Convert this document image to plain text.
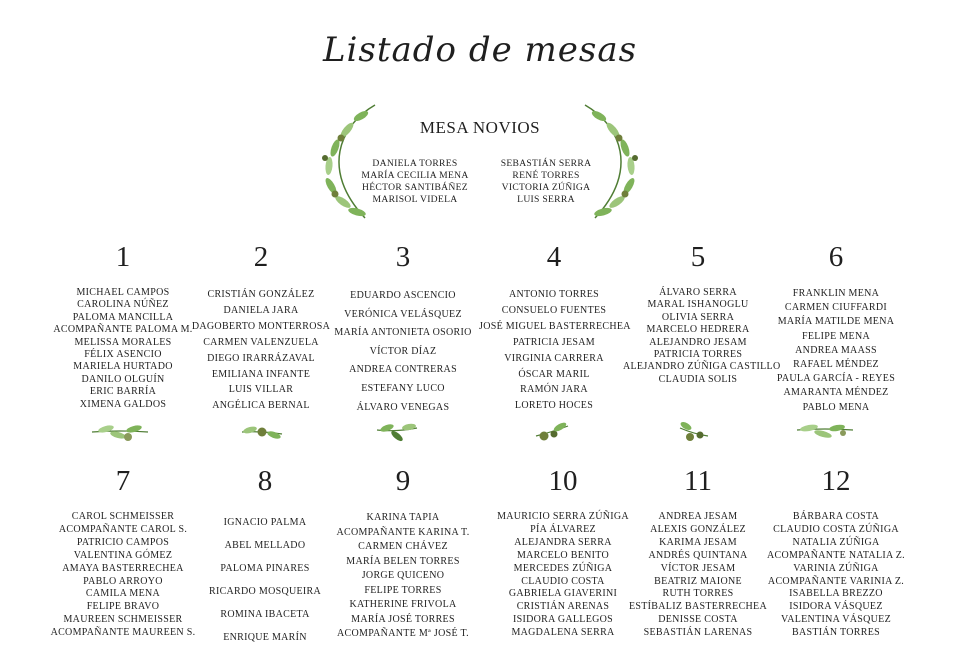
Listado de mesas
MESA NOVIOS
DANIELA TORRES
MARÍA CECILIA MENA
HÉCTOR SANTIBÁÑEZ
MARISOL VIDELA
SEBASTIÁN SERRA
RENÉ TORRES
VICTORIA ZÚÑIGA
LUIS SERRA
1
MICHAEL CAMPOS
CAROLINA NÚÑEZ
PALOMA MANCILLA
ACOMPAÑANTE PALOMA M.
MELISSA MORALES
FÉLIX ASENCIO
MARIELA HURTADO
DANILO OLGUÍN
ERIC BARRÍA
XIMENA GALDOS
2
CRISTIÁN GONZÁLEZ
DANIELA JARA
DAGOBERTO MONTERROSA
CARMEN VALENZUELA
DIEGO IRARRÁZAVAL
EMILIANA INFANTE
LUIS VILLAR
ANGÉLICA BERNAL
3
EDUARDO ASCENCIO
VERÓNICA VELÁSQUEZ
MARÍA ANTONIETA OSORIO
VÍCTOR DÍAZ
ANDREA CONTRERAS
ESTEFANY LUCO
ÁLVARO VENEGAS
4
ANTONIO TORRES
CONSUELO FUENTES
JOSÉ MIGUEL BASTERRECHEA
PATRICIA JESAM
VIRGINIA CARRERA
ÓSCAR MARIL
RAMÓN JARA
LORETO HOCES
5
ÁLVARO SERRA
MARAL ISHANOGLU
OLIVIA SERRA
MARCELO HEDRERA
ALEJANDRO JESAM
PATRICIA TORRES
ALEJANDRO ZÚÑIGA CASTILLO
CLAUDIA SOLIS
6
FRANKLIN MENA
CARMEN CIUFFARDI
MARÍA MATILDE MENA
FELIPE MENA
ANDREA MAASS
RAFAEL MÉNDEZ
PAULA GARCÍA - REYES
AMARANTA MÉNDEZ
PABLO MENA
7
CAROL SCHMEISSER
ACOMPAÑANTE CAROL S.
PATRICIO CAMPOS
VALENTINA GÓMEZ
AMAYA BASTERRECHEA
PABLO ARROYO
CAMILA MENA
FELIPE BRAVO
MAUREEN SCHMEISSER
ACOMPAÑANTE MAUREEN S.
8
IGNACIO PALMA
ABEL MELLADO
PALOMA PINARES
RICARDO MOSQUEIRA
ROMINA IBACETA
ENRIQUE MARÍN
9
KARINA TAPIA
ACOMPAÑANTE KARINA T.
CARMEN CHÁVEZ
MARÍA BELEN TORRES
JORGE QUICENO
FELIPE TORRES
KATHERINE FRIVOLA
MARÍA JOSÉ TORRES
ACOMPAÑANTE Mª JOSÉ T.
10
MAURICIO SERRA ZÚÑIGA
PÍA ÁLVAREZ
ALEJANDRA SERRA
MARCELO BENITO
MERCEDES ZÚÑIGA
CLAUDIO COSTA
GABRIELA GIAVERINI
CRISTIÁN ARENAS
ISIDORA GALLEGOS
MAGDALENA SERRA
11
ANDREA JESAM
ALEXIS GONZÁLEZ
KARIMA JESAM
ANDRÉS QUINTANA
VÍCTOR JESAM
BEATRIZ MAIONE
RUTH TORRES
ESTÍBALIZ BASTERRECHEA
DENISSE COSTA
SEBASTIÁN LARENAS
12
BÁRBARA COSTA
CLAUDIO COSTA ZÚÑIGA
NATALIA ZÚÑIGA
ACOMPAÑANTE NATALIA Z.
VARINIA ZÚÑIGA
ACOMPAÑANTE VARINIA Z.
ISABELLA BREZZO
ISIDORA VÁSQUEZ
VALENTINA VÁSQUEZ
BASTIÁN TORRES
